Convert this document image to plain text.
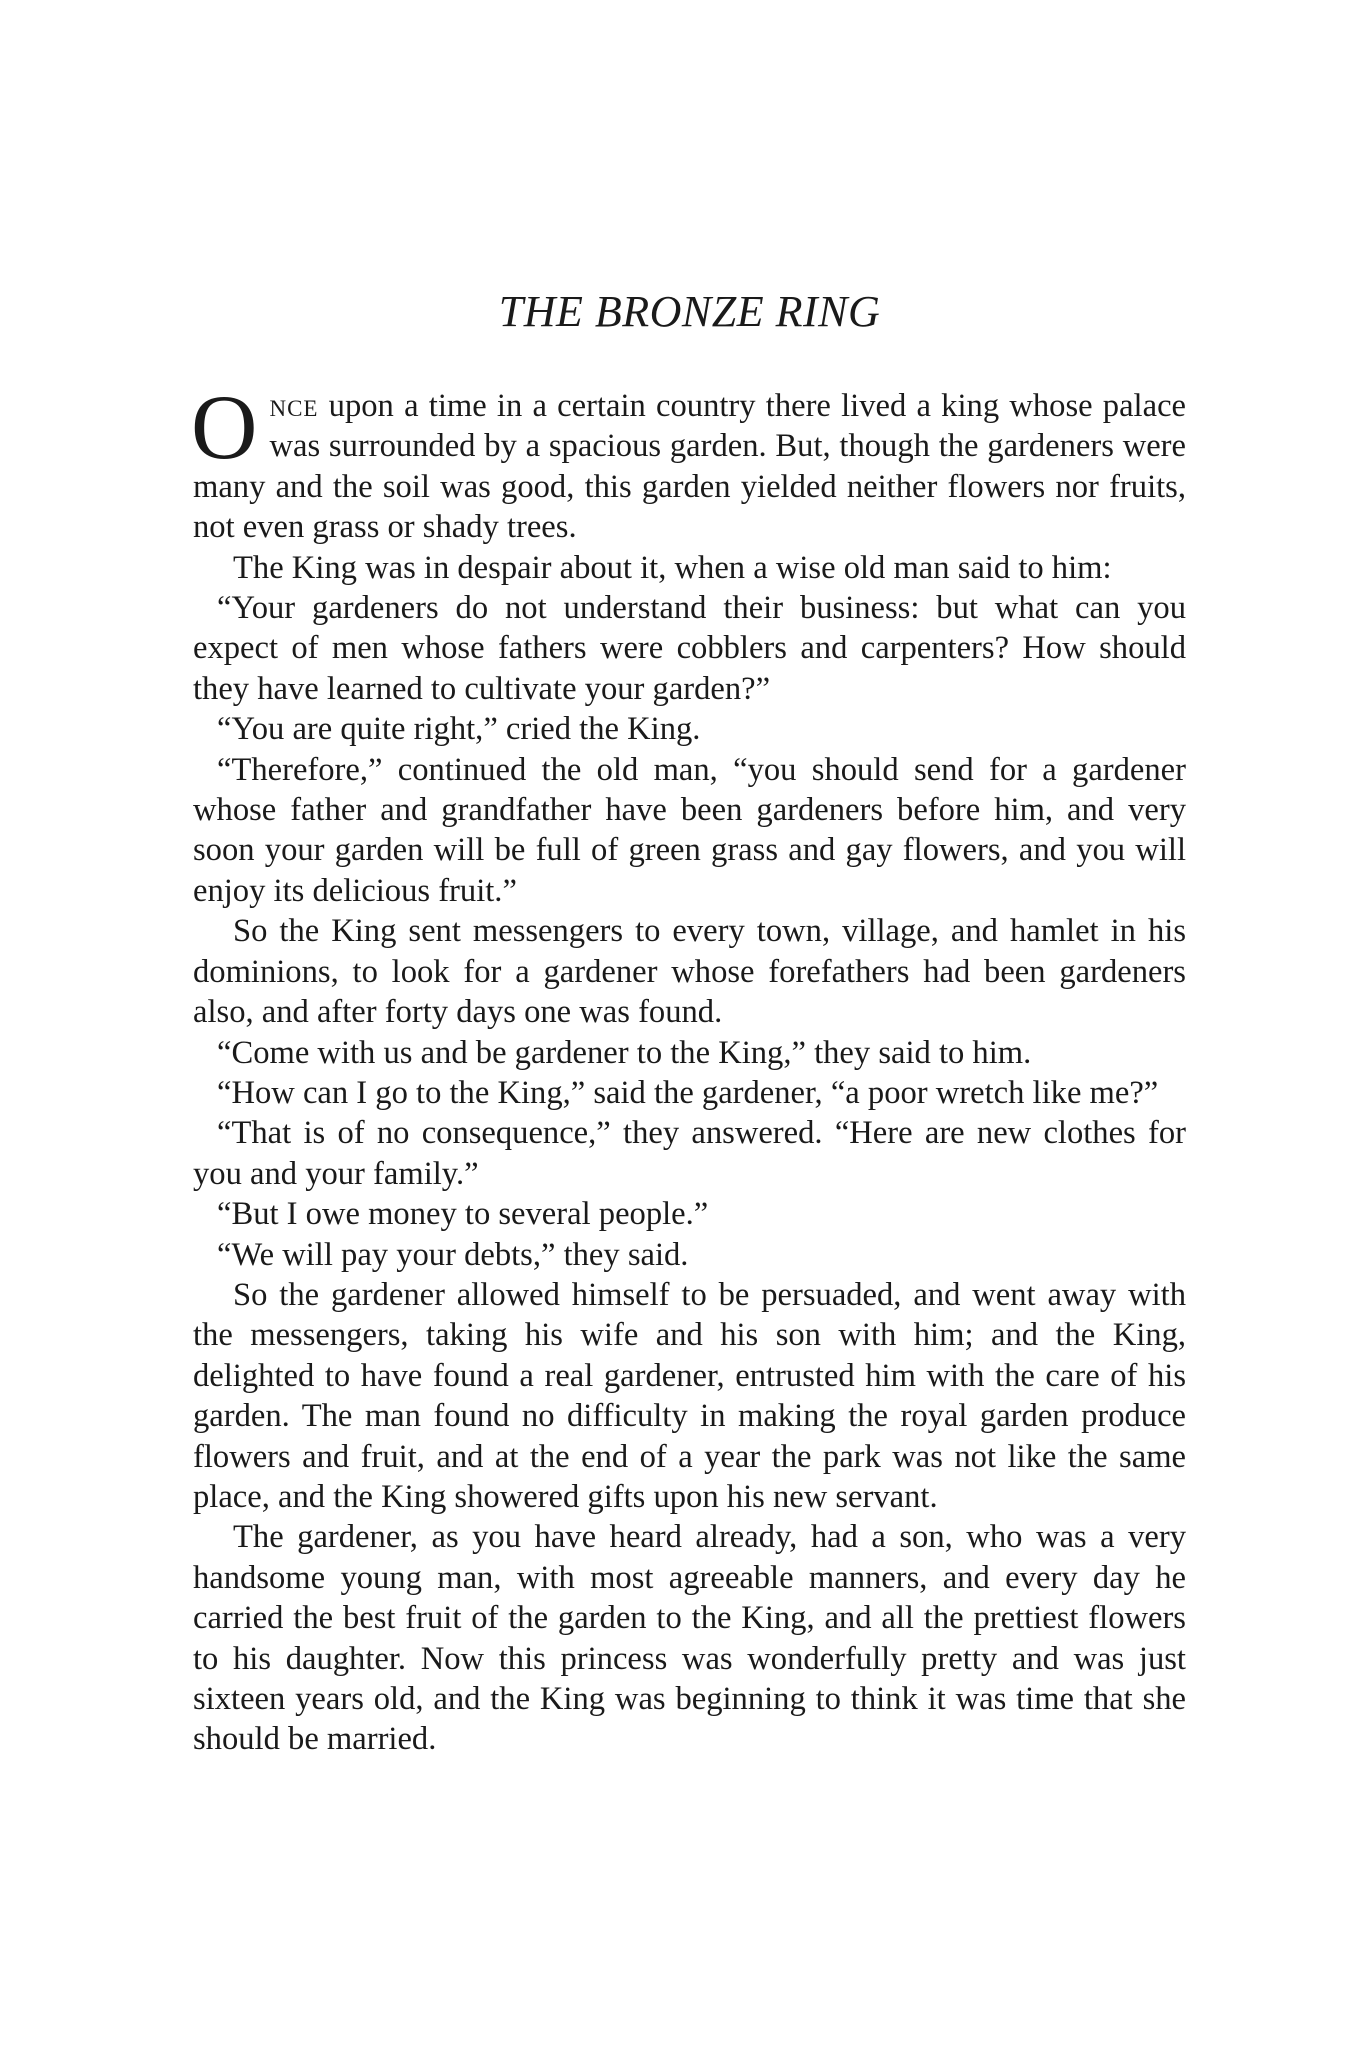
THE BRONZE RING

Once upon a time in a certain country there lived a king whose palace was surrounded by a spacious garden. But, though the gardeners were many and the soil was good, this garden yielded neither flowers nor fruits, not even grass or shady trees.

The King was in despair about it, when a wise old man said to him:

“Your gardeners do not understand their business: but what can you expect of men whose fathers were cobblers and carpenters? How should they have learned to cultivate your garden?”

“You are quite right,” cried the King.

“Therefore,” continued the old man, “you should send for a gardener whose father and grandfather have been gardeners before him, and very soon your garden will be full of green grass and gay flowers, and you will enjoy its delicious fruit.”

So the King sent messengers to every town, village, and hamlet in his dominions, to look for a gardener whose forefathers had been gardeners also, and after forty days one was found.

“Come with us and be gardener to the King,” they said to him.

“How can I go to the King,” said the gardener, “a poor wretch like me?”

“That is of no consequence,” they answered. “Here are new clothes for you and your family.”

“But I owe money to several people.”

“We will pay your debts,” they said.

So the gardener allowed himself to be persuaded, and went away with the messengers, taking his wife and his son with him; and the King, delighted to have found a real gardener, entrusted him with the care of his garden. The man found no difficulty in making the royal garden produce flowers and fruit, and at the end of a year the park was not like the same place, and the King showered gifts upon his new servant.

The gardener, as you have heard already, had a son, who was a very handsome young man, with most agreeable manners, and every day he carried the best fruit of the garden to the King, and all the prettiest flowers to his daughter. Now this princess was wonderfully pretty and was just sixteen years old, and the King was beginning to think it was time that she should be married.
